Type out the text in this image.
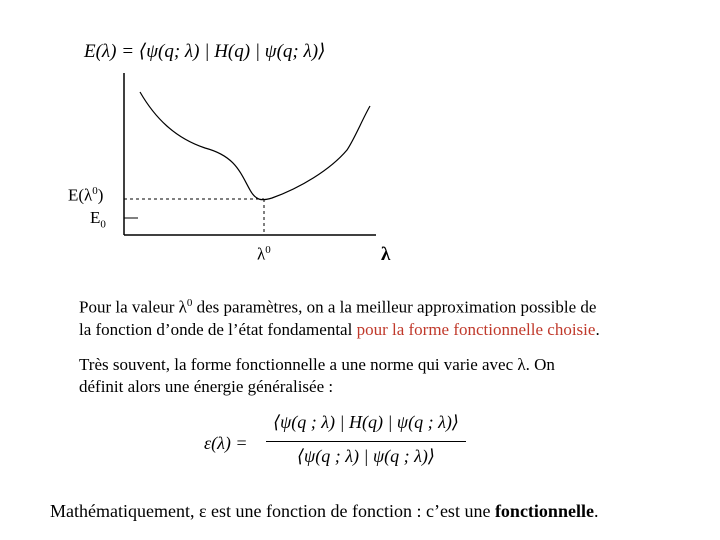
E(λ) = ⟨ψ(q; λ) | H(q) | ψ(q; λ)⟩
$E(\lambda^0)$
$E_0$
$\lambda^0$	λ
Pour la valeur $\lambda^0$ des paramètres, on a la meilleur approximation possible de
la fonction d’onde de l’état fondamental pour la forme fonctionnelle choisie.
Très souvent, la forme fonctionnelle a une norme qui varie avec λ. On
définit alors une énergie généralisée :
ε(λ) =
⟨ψ(q ; λ) | H(q) | ψ(q ; λ)⟩
⟨ψ(q ; λ) | ψ(q ; λ)⟩
Mathématiquement, ε est une fonction de fonction : c’est une fonctionnelle.
